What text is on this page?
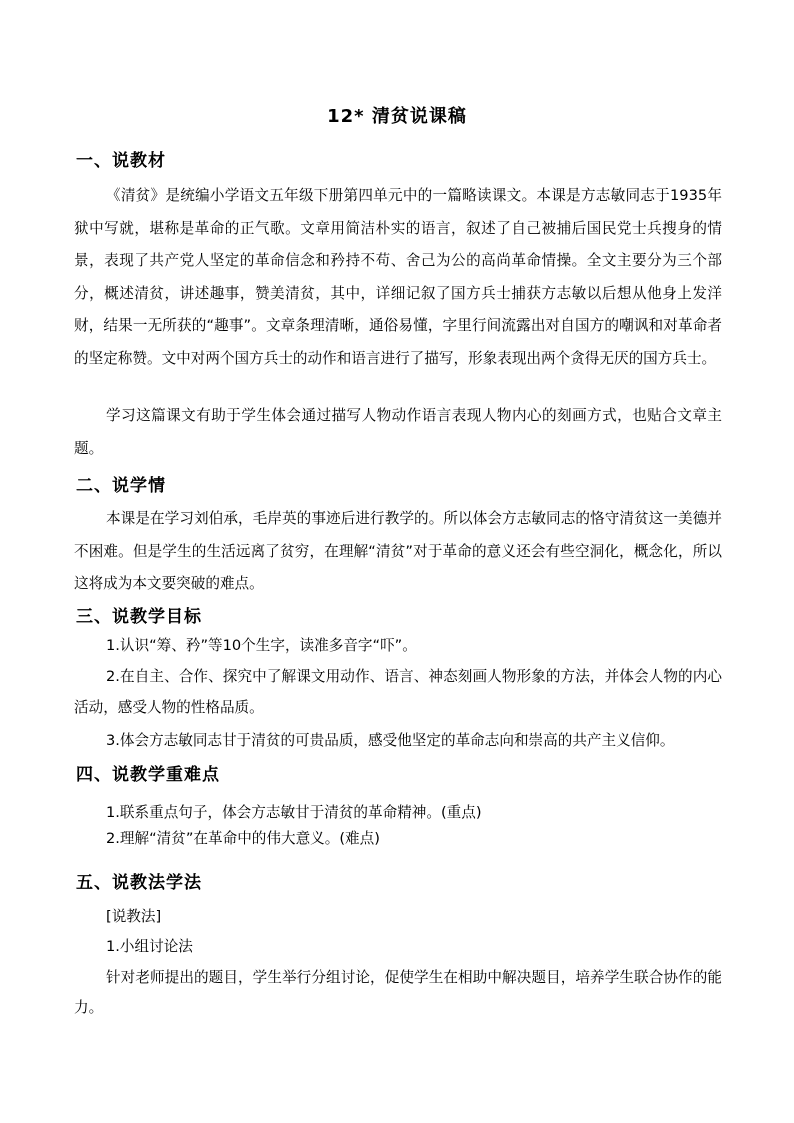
12* 清贫说课稿
一、说教材
《清贫》是统编小学语文五年级下册第四单元中的一篇略读课文。本课是方志敏同志于1935年狱中写就，堪称是革命的正气歌。文章用简洁朴实的语言，叙述了自己被捕后国民党士兵搜身的情景，表现了共产党人坚定的革命信念和矜持不苟、舍己为公的高尚革命情操。全文主要分为三个部分，概述清贫，讲述趣事，赞美清贫，其中，详细记叙了国方兵士捕获方志敏以后想从他身上发洋财，结果一无所获的“趣事”。文章条理清晰，通俗易懂，字里行间流露出对自国方的嘲讽和对革命者的坚定称赞。文中对两个国方兵士的动作和语言进行了描写，形象表现出两个贪得无厌的国方兵士。
学习这篇课文有助于学生体会通过描写人物动作语言表现人物内心的刻画方式，也贴合文章主题。
二、说学情
本课是在学习刘伯承，毛岸英的事迹后进行教学的。所以体会方志敏同志的恪守清贫这一美德并不困难。但是学生的生活远离了贫穷，在理解“清贫”对于革命的意义还会有些空洞化，概念化，所以这将成为本文要突破的难点。
三、说教学目标
1.认识“筹、矜”等10个生字，读准多音字“吓”。
2.在自主、合作、探究中了解课文用动作、语言、神态刻画人物形象的方法，并体会人物的内心活动，感受人物的性格品质。
3.体会方志敏同志甘于清贫的可贵品质，感受他坚定的革命志向和崇高的共产主义信仰。
四、说教学重难点
1.联系重点句子，体会方志敏甘于清贫的革命精神。(重点)
2.理解“清贫”在革命中的伟大意义。(难点)
五、说教法学法
[说教法]
1.小组讨论法
针对老师提出的题目，学生举行分组讨论，促使学生在相助中解决题目，培养学生联合协作的能力。
